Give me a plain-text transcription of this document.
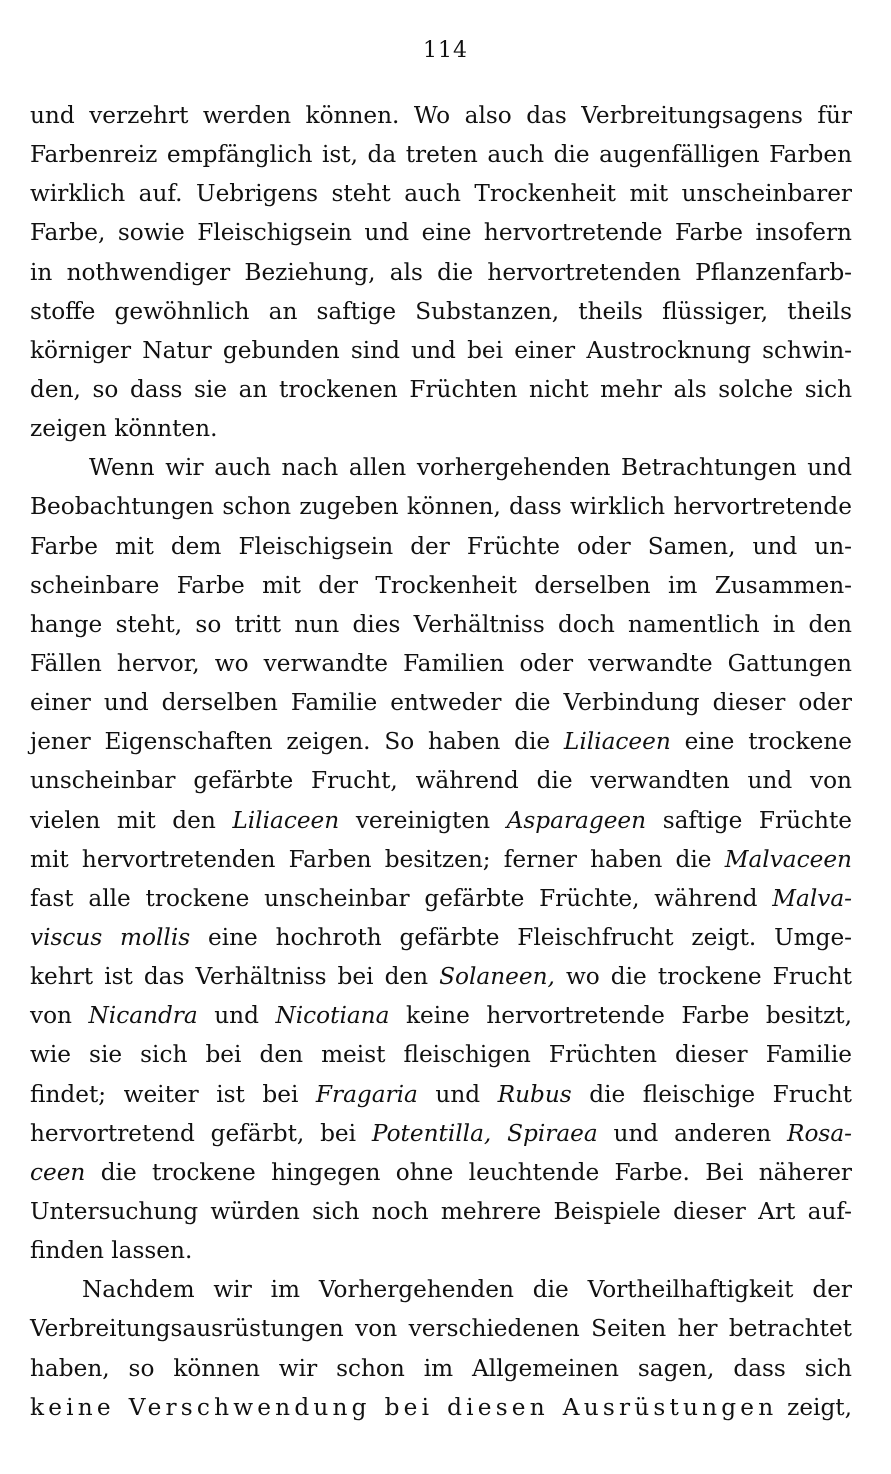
114

und verzehrt werden können. Wo also das Verbreitungsagens für
Farbenreiz empfänglich ist, da treten auch die augenfälligen Farben
wirklich auf. Uebrigens steht auch Trockenheit mit unscheinbarer
Farbe, sowie Fleischigsein und eine hervortretende Farbe insofern
in nothwendiger Beziehung, als die hervortretenden Pflanzenfarb-
stoffe gewöhnlich an saftige Substanzen, theils flüssiger, theils
körniger Natur gebunden sind und bei einer Austrocknung schwin-
den, so dass sie an trockenen Früchten nicht mehr als solche sich
zeigen könnten.

Wenn wir auch nach allen vorhergehenden Betrachtungen und
Beobachtungen schon zugeben können, dass wirklich hervortretende
Farbe mit dem Fleischigsein der Früchte oder Samen, und un-
scheinbare Farbe mit der Trockenheit derselben im Zusammen-
hange steht, so tritt nun dies Verhältniss doch namentlich in den
Fällen hervor, wo verwandte Familien oder verwandte Gattungen
einer und derselben Familie entweder die Verbindung dieser oder
jener Eigenschaften zeigen. So haben die Liliaceen eine trockene
unscheinbar gefärbte Frucht, während die verwandten und von
vielen mit den Liliaceen vereinigten Asparageen saftige Früchte
mit hervortretenden Farben besitzen; ferner haben die Malvaceen
fast alle trockene unscheinbar gefärbte Früchte, während Malva-
viscus mollis eine hochroth gefärbte Fleischfrucht zeigt. Umge-
kehrt ist das Verhältniss bei den Solaneen, wo die trockene Frucht
von Nicandra und Nicotiana keine hervortretende Farbe besitzt,
wie sie sich bei den meist fleischigen Früchten dieser Familie
findet; weiter ist bei Fragaria und Rubus die fleischige Frucht
hervortretend gefärbt, bei Potentilla, Spiraea und anderen Rosa-
ceen die trockene hingegen ohne leuchtende Farbe. Bei näherer
Untersuchung würden sich noch mehrere Beispiele dieser Art auf-
finden lassen.

Nachdem wir im Vorhergehenden die Vortheilhaftigkeit der
Verbreitungsausrüstungen von verschiedenen Seiten her betrachtet
haben, so können wir schon im Allgemeinen sagen, dass sich
keine Verschwendung bei diesen Ausrüstungen zeigt,
